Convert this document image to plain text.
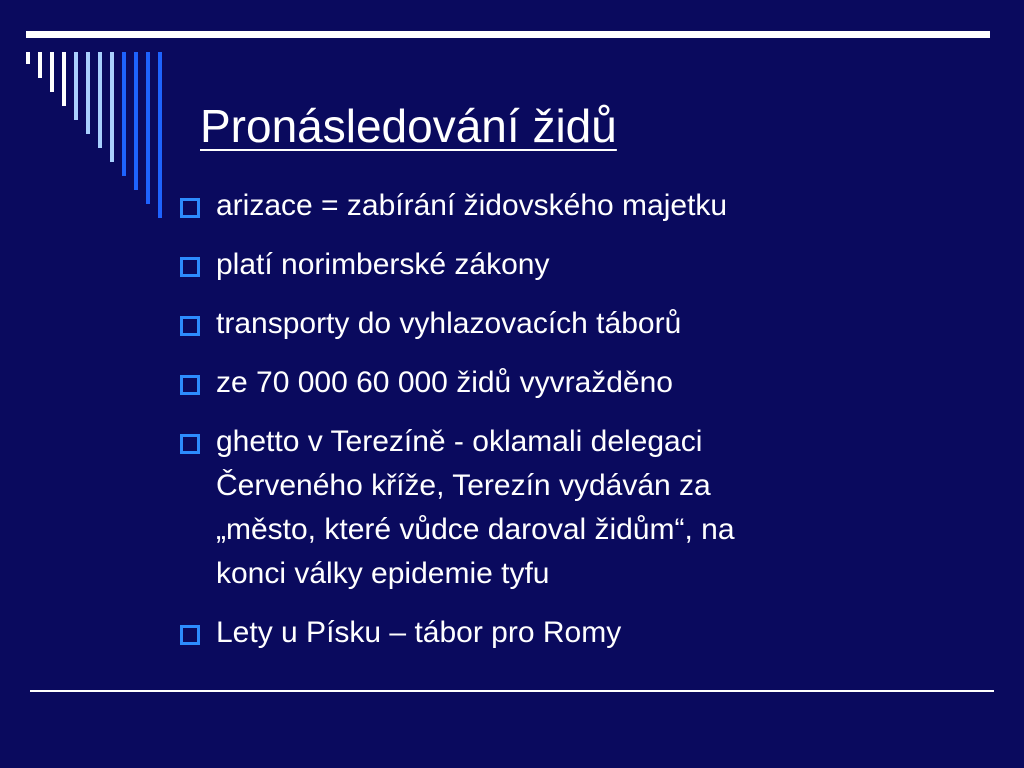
Pronásledování židů
arizace = zabírání židovského majetku
platí norimberské zákony
transporty do vyhlazovacích táborů
ze 70 000 60 000 židů vyvražděno
ghetto v Terezíně - oklamali delegaci
Červeného kříže, Terezín vydáván za
„město, které vůdce daroval židům“, na
konci války epidemie tyfu
Lety u Písku – tábor pro Romy
